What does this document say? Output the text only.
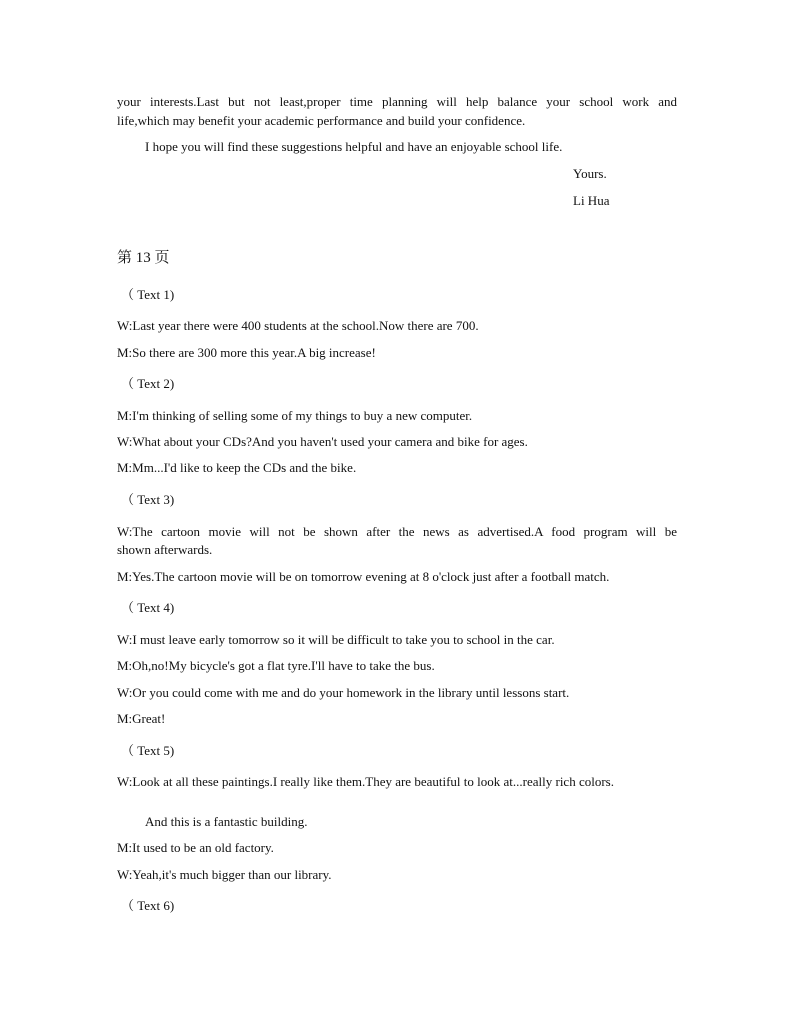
your interests.Last but not least,proper time planning will help balance your school work and
life,which may benefit your academic performance and build your confidence.
I hope you will find these suggestions helpful and have an enjoyable school life.
Yours.
Li Hua
第 13 页
（ Text 1)
W:Last year there were 400 students at the school.Now there are 700.
M:So there are 300 more this year.A big increase!
（ Text 2)
M:I'm thinking of selling some of my things to buy a new computer.
W:What about your CDs?And you haven't used your camera and bike for ages.
M:Mm...I'd like to keep the CDs and the bike.
（ Text 3)
W:The cartoon movie will not be shown after the news as advertised.A food program will be
shown afterwards.
M:Yes.The cartoon movie will be on tomorrow evening at 8 o'clock just after a football match.
（ Text 4)
W:I must leave early tomorrow so it will be difficult to take you to school in the car.
M:Oh,no!My bicycle's got a flat tyre.I'll have to take the bus.
W:Or you could come with me and do your homework in the library until lessons start.
M:Great!
（ Text 5)
W:Look at all these paintings.I really like them.They are beautiful to look at...really rich colors.
And this is a fantastic building.
M:It used to be an old factory.
W:Yeah,it's much bigger than our library.
（ Text 6)
